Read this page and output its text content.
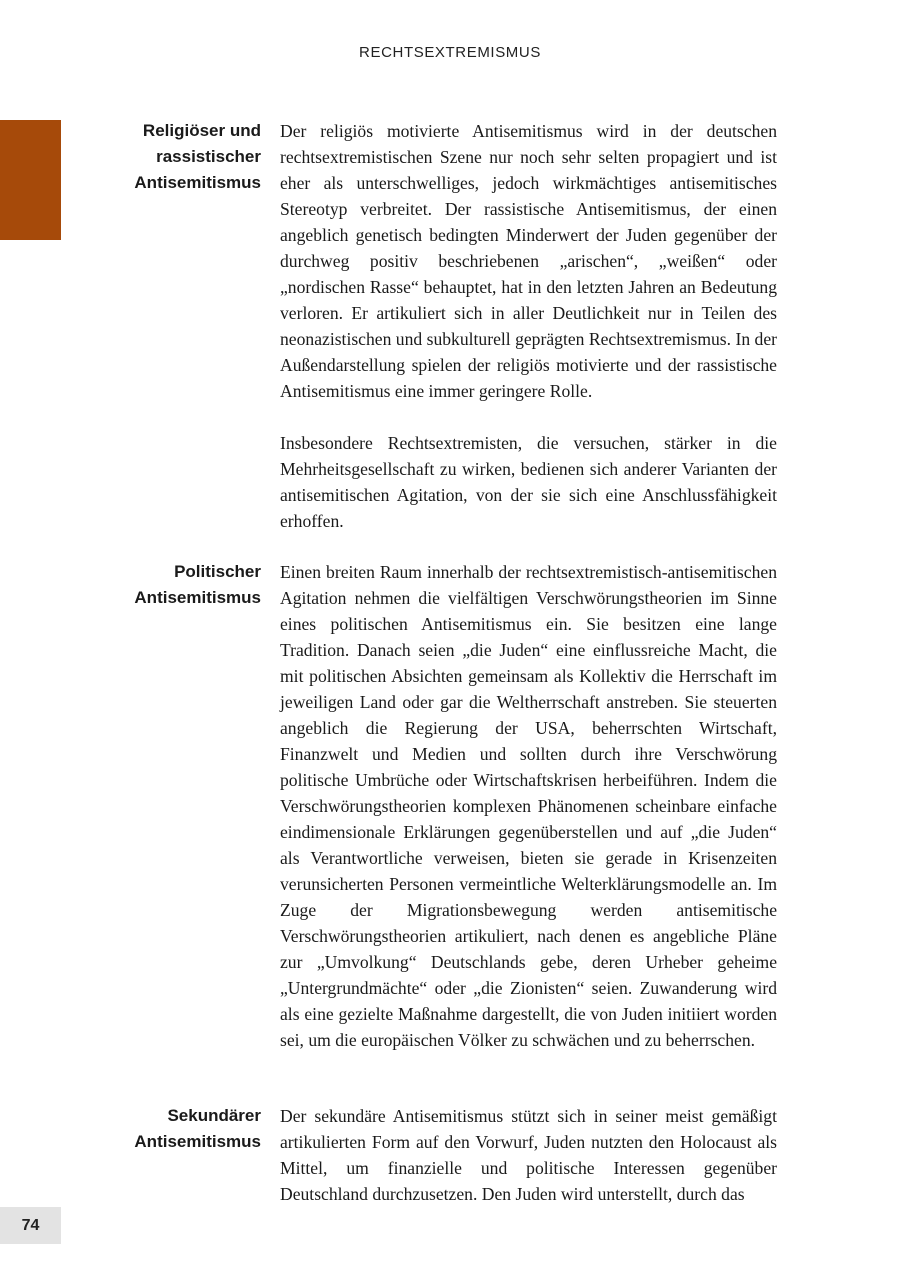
RECHTSEXTREMISMUS
74
Religiöser und
rassistischer
Antisemitismus

Der religiös motivierte Antisemitismus wird in der deutschen rechtsextremistischen Szene nur noch sehr selten propagiert und ist eher als unterschwelliges, jedoch wirkmächtiges antisemitisches Stereotyp verbreitet. Der rassistische Antisemitismus, der einen angeblich genetisch bedingten Minderwert der Juden gegenüber der durchweg positiv beschriebenen „arischen“, „weißen“ oder „nordischen Rasse“ behauptet, hat in den letzten Jahren an Bedeutung verloren. Er artikuliert sich in aller Deutlichkeit nur in Teilen des neonazistischen und subkulturell geprägten Rechtsextremismus. In der Außendarstellung spielen der religiös motivierte und der rassistische Antisemitismus eine immer geringere Rolle.

Insbesondere Rechtsextremisten, die versuchen, stärker in die Mehrheitsgesellschaft zu wirken, bedienen sich anderer Varianten der antisemitischen Agitation, von der sie sich eine Anschlussfähigkeit erhoffen.

Politischer
Antisemitismus

Einen breiten Raum innerhalb der rechtsextremistisch-antisemitischen Agitation nehmen die vielfältigen Verschwörungstheorien im Sinne eines politischen Antisemitismus ein. Sie besitzen eine lange Tradition. Danach seien „die Juden“ eine einflussreiche Macht, die mit politischen Absichten gemeinsam als Kollektiv die Herrschaft im jeweiligen Land oder gar die Weltherrschaft anstreben. Sie steuerten angeblich die Regierung der USA, beherrschten Wirtschaft, Finanzwelt und Medien und sollten durch ihre Verschwörung politische Umbrüche oder Wirtschaftskrisen herbeiführen. Indem die Verschwörungstheorien komplexen Phänomenen scheinbare einfache eindimensionale Erklärungen gegenüberstellen und auf „die Juden“ als Verantwortliche verweisen, bieten sie gerade in Krisenzeiten verunsicherten Personen vermeintliche Welterklärungsmodelle an. Im Zuge der Migrationsbewegung werden antisemitische Verschwörungstheorien artikuliert, nach denen es angebliche Pläne zur „Umvolkung“ Deutschlands gebe, deren Urheber geheime „Untergrundmächte“ oder „die Zionisten“ seien. Zuwanderung wird als eine gezielte Maßnahme dargestellt, die von Juden initiiert worden sei, um die europäischen Völker zu schwächen und zu beherrschen.

Sekundärer
Antisemitismus

Der sekundäre Antisemitismus stützt sich in seiner meist gemäßigt artikulierten Form auf den Vorwurf, Juden nutzten den Holocaust als Mittel, um finanzielle und politische Interessen gegenüber Deutschland durchzusetzen. Den Juden wird unterstellt, durch das
